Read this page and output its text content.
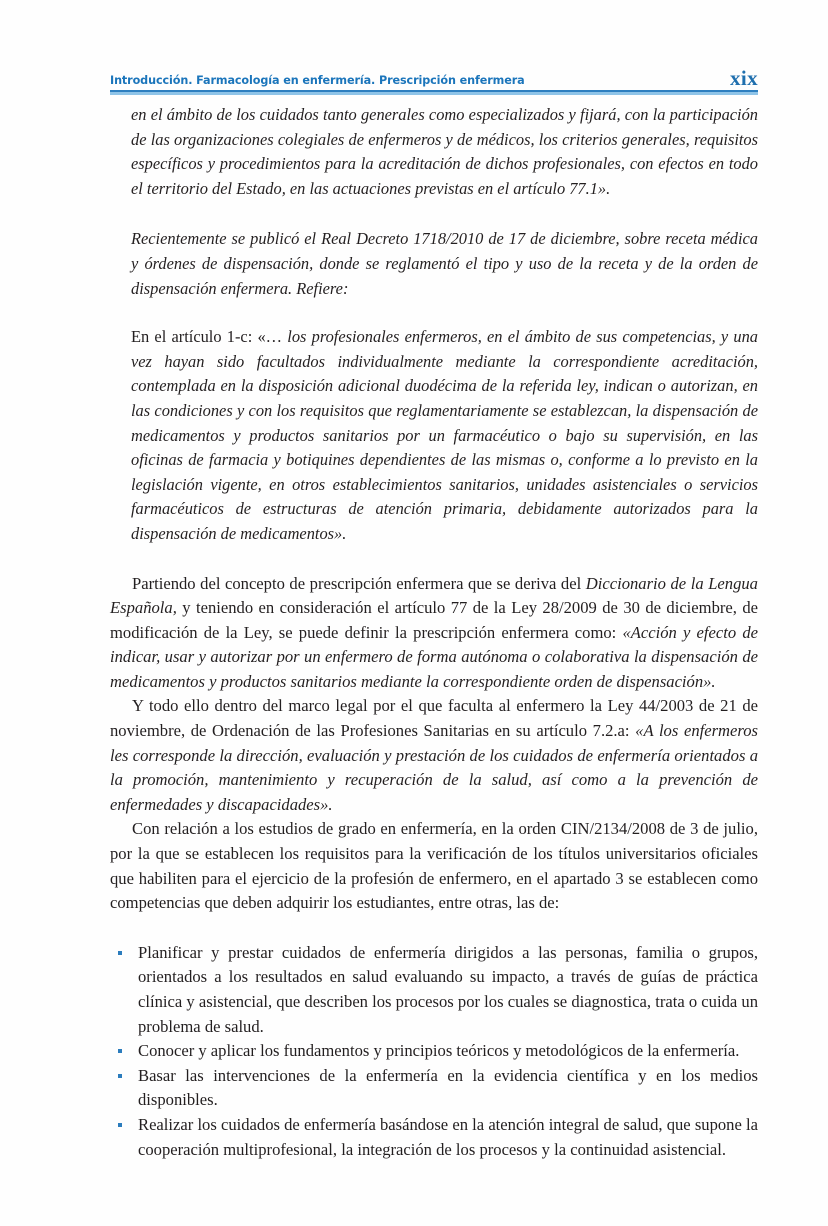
Introducción. Farmacología en enfermería. Prescripción enfermera	xix

en el ámbito de los cuidados tanto generales como especializados y fijará, con la participación de las organizaciones colegiales de enfermeros y de médicos, los criterios generales, requisitos específicos y procedimientos para la acreditación de dichos profesionales, con efectos en todo el territorio del Estado, en las actuaciones previstas en el artículo 77.1».

Recientemente se publicó el Real Decreto 1718/2010 de 17 de diciembre, sobre receta médica y órdenes de dispensación, donde se reglamentó el tipo y uso de la receta y de la orden de dispensación enfermera. Refiere:

En el artículo 1-c: «… los profesionales enfermeros, en el ámbito de sus competencias, y una vez hayan sido facultados individualmente mediante la correspondiente acreditación, contemplada en la disposición adicional duodécima de la referida ley, indican o autorizan, en las condiciones y con los requisitos que reglamentariamente se establezcan, la dispensación de medicamentos y productos sanitarios por un farmacéutico o bajo su supervisión, en las oficinas de farmacia y botiquines dependientes de las mismas o, conforme a lo previsto en la legislación vigente, en otros establecimientos sanitarios, unidades asistenciales o servicios farmacéuticos de estructuras de atención primaria, debidamente autorizados para la dispensación de medicamentos».

Partiendo del concepto de prescripción enfermera que se deriva del Diccionario de la Lengua Española, y teniendo en consideración el artículo 77 de la Ley 28/2009 de 30 de diciembre, de modificación de la Ley, se puede definir la prescripción enfermera como: «Acción y efecto de indicar, usar y autorizar por un enfermero de forma autónoma o colaborativa la dispensación de medicamentos y productos sanitarios mediante la correspondiente orden de dispensación».

Y todo ello dentro del marco legal por el que faculta al enfermero la Ley 44/2003 de 21 de noviembre, de Ordenación de las Profesiones Sanitarias en su artículo 7.2.a: «A los enfermeros les corresponde la dirección, evaluación y prestación de los cuidados de enfermería orientados a la promoción, mantenimiento y recuperación de la salud, así como a la prevención de enfermedades y discapacidades».

Con relación a los estudios de grado en enfermería, en la orden CIN/2134/2008 de 3 de julio, por la que se establecen los requisitos para la verificación de los títulos universitarios oficiales que habiliten para el ejercicio de la profesión de enfermero, en el apartado 3 se establecen como competencias que deben adquirir los estudiantes, entre otras, las de:

Planificar y prestar cuidados de enfermería dirigidos a las personas, familia o grupos, orientados a los resultados en salud evaluando su impacto, a través de guías de práctica clínica y asistencial, que describen los procesos por los cuales se diagnostica, trata o cuida un problema de salud.
Conocer y aplicar los fundamentos y principios teóricos y metodológicos de la enfermería.
Basar las intervenciones de la enfermería en la evidencia científica y en los medios disponibles.
Realizar los cuidados de enfermería basándose en la atención integral de salud, que supone la cooperación multiprofesional, la integración de los procesos y la continuidad asistencial.
